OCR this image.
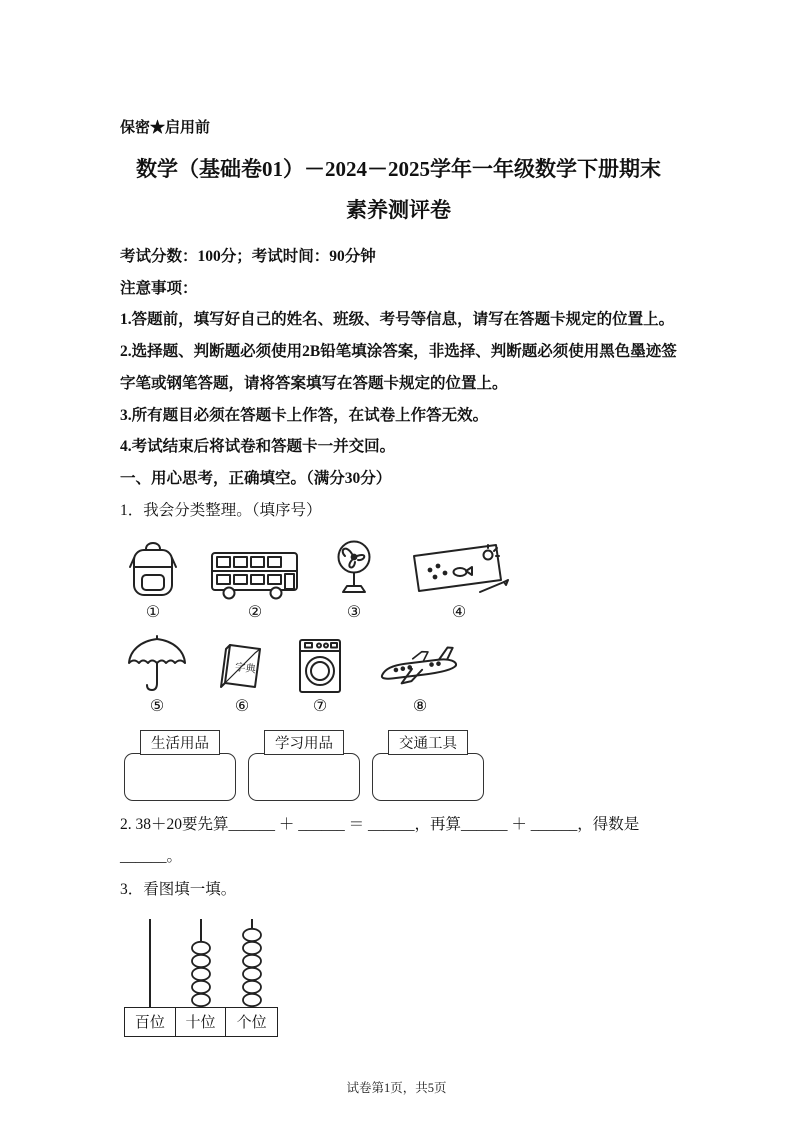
保密★启用前
数学（基础卷01）－2024－2025学年一年级数学下册期末
素养测评卷

考试分数：100分；考试时间：90分钟

注意事项：

1.答题前，填写好自己的姓名、班级、考号等信息，请写在答题卡规定的位置上。

2.选择题、判断题必须使用2B铅笔填涂答案，非选择、判断题必须使用黑色墨迹签字笔或钢笔答题，请将答案填写在答题卡规定的位置上。

3.所有题目必须在答题卡上作答，在试卷上作答无效。

4.考试结束后将试卷和答题卡一并交回。

一、用心思考，正确填空。（满分30分）

1．我会分类整理。（填序号）

①	②	③	④
⑤
字典
⑥	⑦	⑧
生活用品	学习用品	交通工具

2. 38＋20要先算______ ＋ ______ ＝ ______，再算______ ＋ ______，得数是______。

3．看图填一填。

百位	十位	个位
试卷第1页，共5页
